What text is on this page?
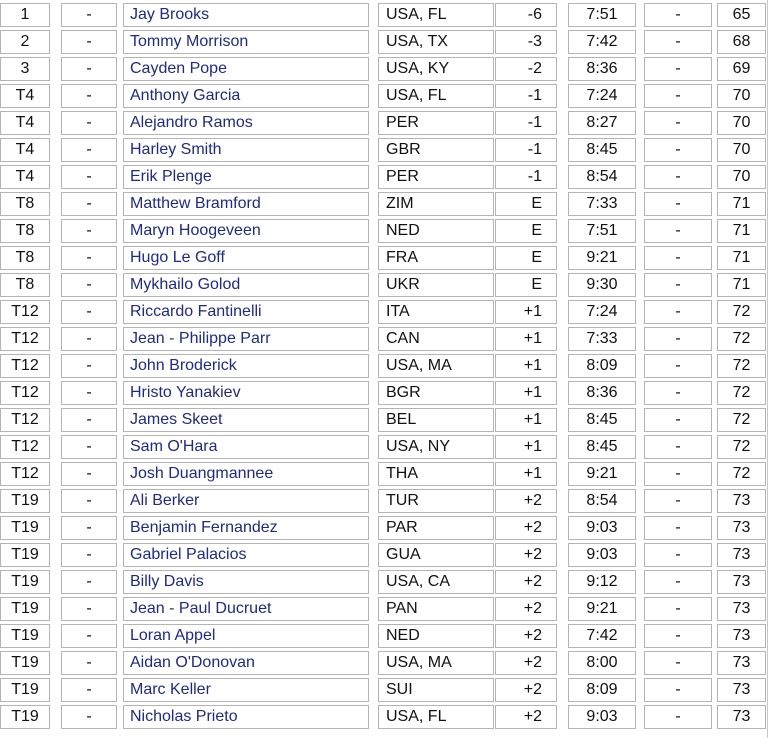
1	-	Jay Brooks	USA, FL	-6	7:51	-	65
2	-	Tommy Morrison	USA, TX	-3	7:42	-	68
3	-	Cayden Pope	USA, KY	-2	8:36	-	69
T4	-	Anthony Garcia	USA, FL	-1	7:24	-	70
T4	-	Alejandro Ramos	PER	-1	8:27	-	70
T4	-	Harley Smith	GBR	-1	8:45	-	70
T4	-	Erik Plenge	PER	-1	8:54	-	70
T8	-	Matthew Bramford	ZIM	E	7:33	-	71
T8	-	Maryn Hoogeveen	NED	E	7:51	-	71
T8	-	Hugo Le Goff	FRA	E	9:21	-	71
T8	-	Mykhailo Golod	UKR	E	9:30	-	71
T12	-	Riccardo Fantinelli	ITA	+1	7:24	-	72
T12	-	Jean - Philippe Parr	CAN	+1	7:33	-	72
T12	-	John Broderick	USA, MA	+1	8:09	-	72
T12	-	Hristo Yanakiev	BGR	+1	8:36	-	72
T12	-	James Skeet	BEL	+1	8:45	-	72
T12	-	Sam O'Hara	USA, NY	+1	8:45	-	72
T12	-	Josh Duangmannee	THA	+1	9:21	-	72
T19	-	Ali Berker	TUR	+2	8:54	-	73
T19	-	Benjamin Fernandez	PAR	+2	9:03	-	73
T19	-	Gabriel Palacios	GUA	+2	9:03	-	73
T19	-	Billy Davis	USA, CA	+2	9:12	-	73
T19	-	Jean - Paul Ducruet	PAN	+2	9:21	-	73
T19	-	Loran Appel	NED	+2	7:42	-	73
T19	-	Aidan O'Donovan	USA, MA	+2	8:00	-	73
T19	-	Marc Keller	SUI	+2	8:09	-	73
T19	-	Nicholas Prieto	USA, FL	+2	9:03	-	73
